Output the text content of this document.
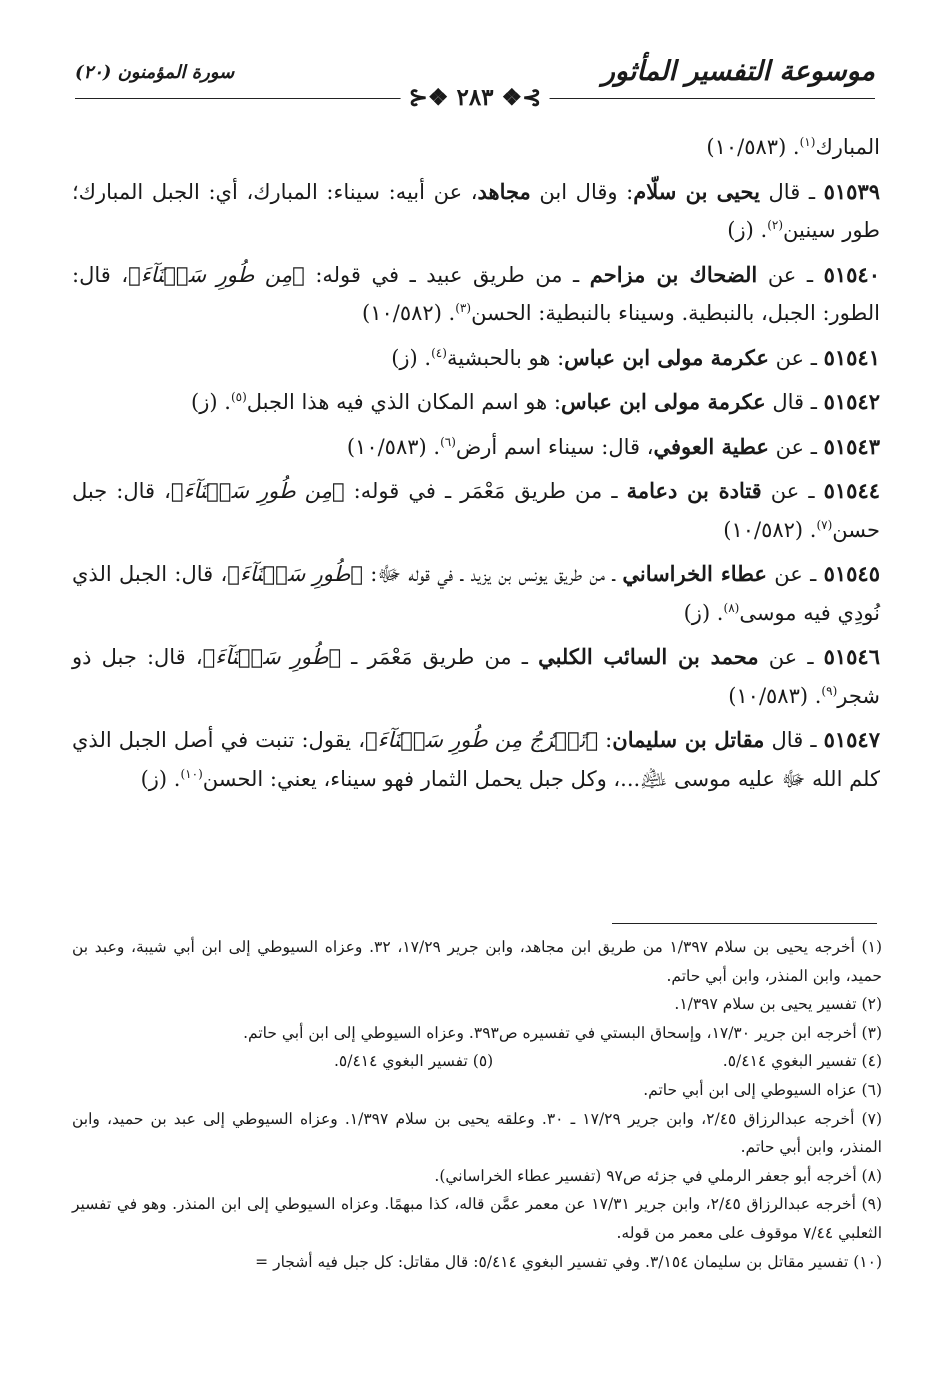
موسوعة التفسير المأثور
سورة المؤمنون (٢٠)
⊱❖ ٢٨٣ ❖⊰

المبارك$^{(١)}$. (١٠/٥٨٣)

٥١٥٣٩ ـ قال يحيى بن سلّام: وقال ابن مجاهد، عن أبيه: سيناء: المبارك، أي: الجبل المبارك؛ طور سينين$^{(٢)}$. (ز)

٥١٥٤٠ ـ عن الضحاك بن مزاحم ـ من طريق عبيد ـ في قوله: ﴿مِن طُورِ سَيۡنَآءَ﴾، قال: الطور: الجبل، بالنبطية. وسيناء بالنبطية: الحسن$^{(٣)}$. (١٠/٥٨٢)

٥١٥٤١ ـ عن عكرمة مولى ابن عباس: هو بالحبشية$^{(٤)}$. (ز)

٥١٥٤٢ ـ قال عكرمة مولى ابن عباس: هو اسم المكان الذي فيه هذا الجبل$^{(٥)}$. (ز)

٥١٥٤٣ ـ عن عطية العوفي، قال: سيناء اسم أرض$^{(٦)}$. (١٠/٥٨٣)

٥١٥٤٤ ـ عن قتادة بن دعامة ـ من طريق مَعْمَر ـ في قوله: ﴿مِن طُورِ سَيۡنَآءَ﴾، قال: جبل حسن$^{(٧)}$. (١٠/٥٨٢)

٥١٥٤٥ ـ عن عطاء الخراساني ـ من طريق يونس بن يزيد ـ في قوله ﷻ: ﴿طُورِ سَيۡنَآءَ﴾، قال: الجبل الذي نُودِي فيه موسى$^{(٨)}$. (ز)

٥١٥٤٦ ـ عن محمد بن السائب الكلبي ـ من طريق مَعْمَر ـ ﴿طُورِ سَيۡنَآءَ﴾، قال: جبل ذو شجر$^{(٩)}$. (١٠/٥٨٣)

٥١٥٤٧ ـ قال مقاتل بن سليمان: ﴿تَخۡرُجُ مِن طُورِ سَيۡنَآءَ﴾، يقول: تنبت في أصل الجبل الذي كلم الله ﷻ عليه موسى ﵇...، وكل جبل يحمل الثمار فهو سيناء، يعني: الحسن$^{(١٠)}$. (ز)

(١) أخرجه يحيى بن سلام ١/٣٩٧ من طريق ابن مجاهد، وابن جرير ١٧/٢٩، ٣٢. وعزاه السيوطي إلى ابن أبي شيبة، وعبد بن حميد، وابن المنذر، وابن أبي حاتم.

(٢) تفسير يحيى بن سلام ١/٣٩٧.

(٣) أخرجه ابن جرير ١٧/٣٠، وإسحاق البستي في تفسيره ص٣٩٣. وعزاه السيوطي إلى ابن أبي حاتم.

(٤) تفسير البغوي ٥/٤١٤.
(٥) تفسير البغوي ٥/٤١٤.

(٦) عزاه السيوطي إلى ابن أبي حاتم.

(٧) أخرجه عبدالرزاق ٢/٤٥، وابن جرير ١٧/٢٩ ـ ٣٠. وعلقه يحيى بن سلام ١/٣٩٧. وعزاه السيوطي إلى عبد بن حميد، وابن المنذر، وابن أبي حاتم.

(٨) أخرجه أبو جعفر الرملي في جزئه ص٩٧ (تفسير عطاء الخراساني).

(٩) أخرجه عبدالرزاق ٢/٤٥، وابن جرير ١٧/٣١ عن معمر عمَّن قاله، كذا مبهمًا. وعزاه السيوطي إلى ابن المنذر. وهو في تفسير الثعلبي ٧/٤٤ موقوف على معمر من قوله.

(١٠) تفسير مقاتل بن سليمان ٣/١٥٤. وفي تفسير البغوي ٥/٤١٤: قال مقاتل: كل جبل فيه أشجار =
